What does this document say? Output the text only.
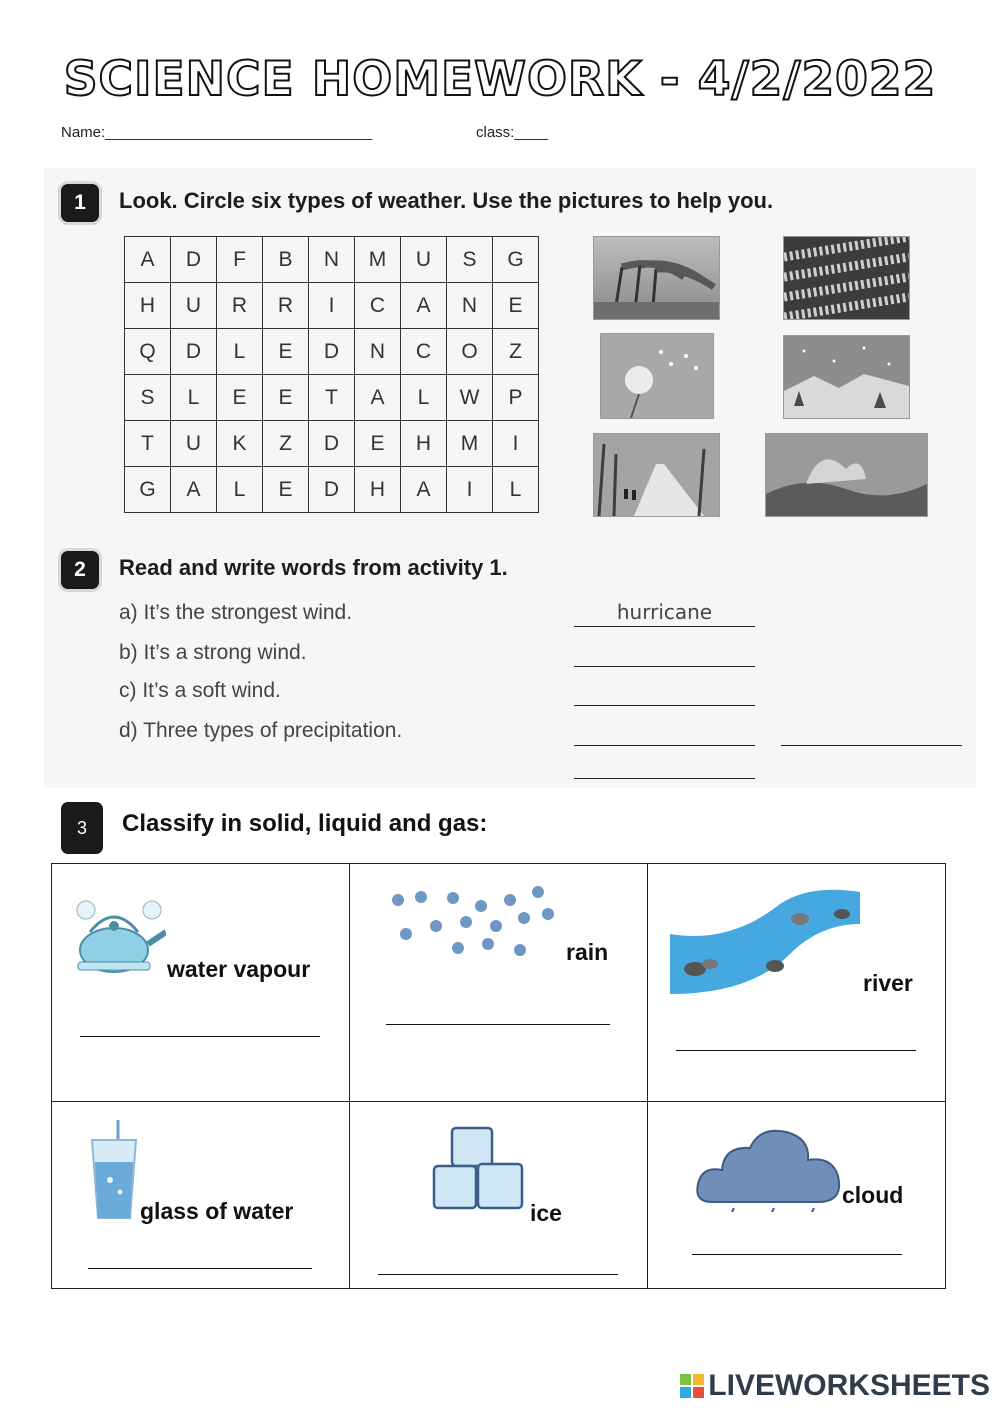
SCIENCE HOMEWORK - 4/2/2022
Name:________________________________	class:____
1	Look. Circle six types of weather. Use the pictures to help you.
A	D	F	B	N	M	U	S	G
H	U	R	R	I	C	A	N	E
Q	D	L	E	D	N	C	O	Z
S	L	E	E	T	A	L	W	P
T	U	K	Z	D	E	H	M	I
G	A	L	E	D	H	A	I	L
2	Read and write words from activity 1.
a) It’s the strongest wind.
b) It’s a strong wind.
c) It’s a soft wind.
d) Three types of precipitation.
hurricane
3	Classify in solid, liquid and gas:
water vapour	rain	river

glass of water	ice	cloud
LIVEWORKSHEETS
